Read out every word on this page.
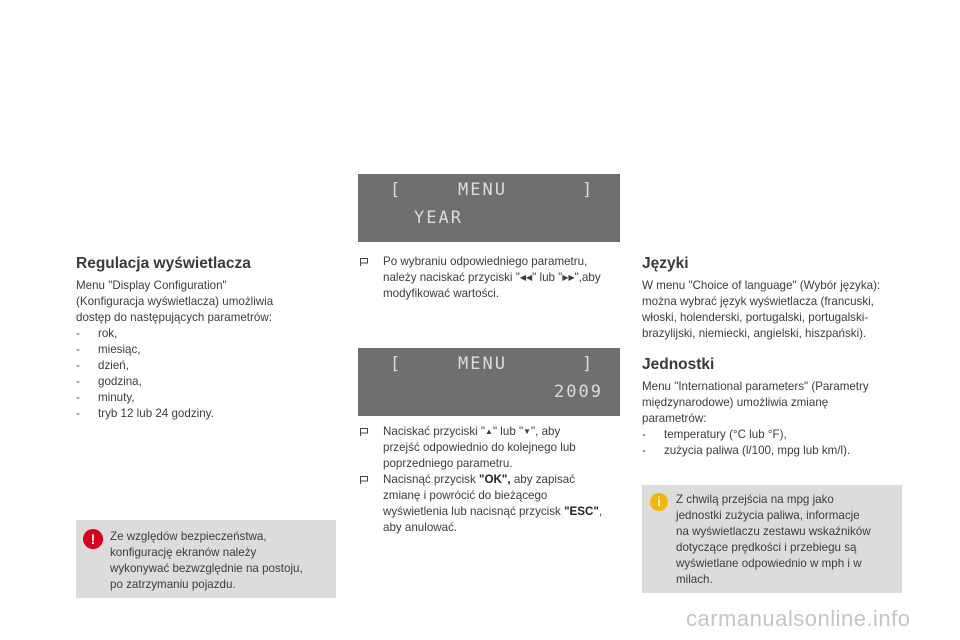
Regulacja wyświetlacza

Menu "Display Configuration"

(Konfiguracja wyświetlacza) umożliwia

dostęp do następujących parametrów:

- rok,
- miesiąc,
- dzień,
- godzina,
- minuty,
- tryb 12 lub 24 godziny.
!	Ze względów bezpieczeństwa,

konfigurację ekranów należy

wykonywać bezwzględnie na postoju,

po zatrzymaniu pojazdu.

[	MENU	]
YEAR
Po wybraniu odpowiedniego parametru,
należy naciskać przyciski "◀◀" lub "▶▶",aby
modyfikować wartości.
[	MENU	]
2009
Naciskać przyciski "▲" lub "▼", aby
przejść odpowiednio do kolejnego lub
poprzedniego parametru.
Nacisnąć przycisk "OK", aby zapisać
zmianę i powrócić do bieżącego
wyświetlenia lub nacisnąć przycisk "ESC",
aby anulować.
Języki

W menu "Choice of language" (Wybór języka):

można wybrać język wyświetlacza (francuski,

włoski, holenderski, portugalski, portugalski-

brazylijski, niemiecki, angielski, hiszpański).

Jednostki

Menu "International parameters" (Parametry

międzynarodowe) umożliwia zmianę

parametrów:

- temperatury (°C lub °F),
- zużycia paliwa (l/100, mpg lub km/l).
i	Z chwilą przejścia na mpg jako

jednostki zużycia paliwa, informacje

na wyświetlaczu zestawu wskaźników

dotyczące prędkości i przebiegu są

wyświetlane odpowiednio w mph i w

milach.

carmanualsonline.info
